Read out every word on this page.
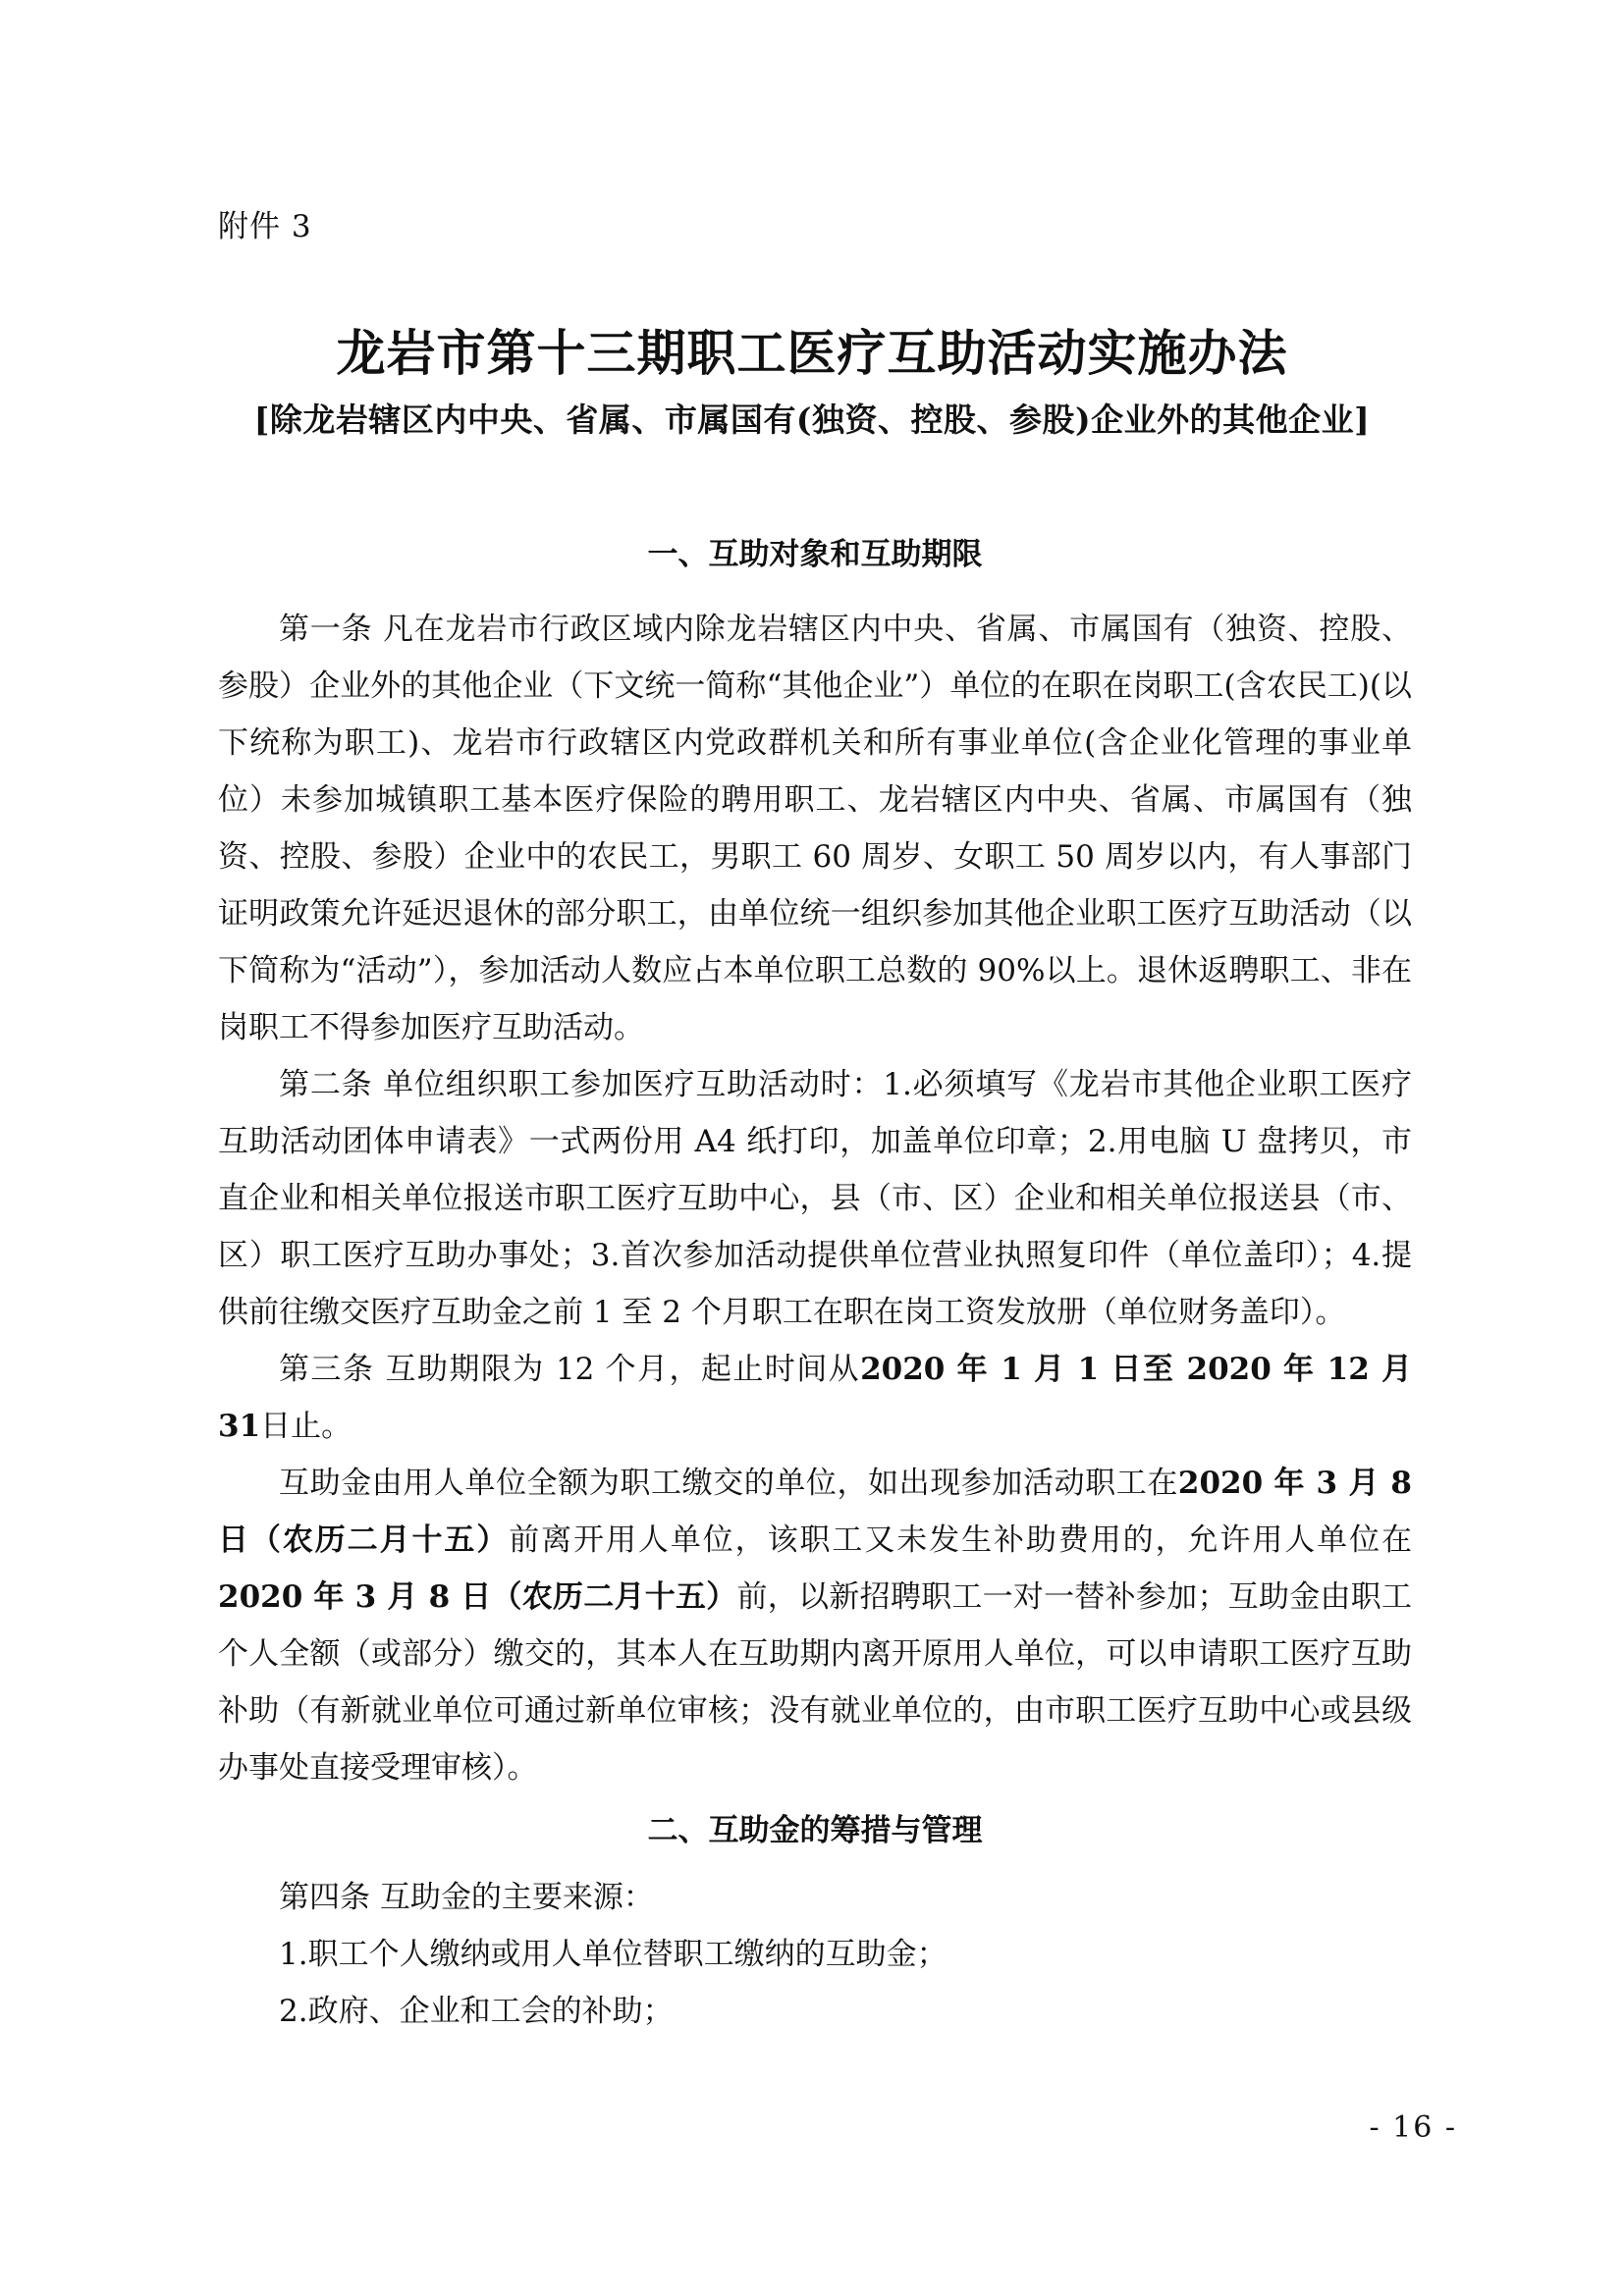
附件 3
龙岩市第十三期职工医疗互助活动实施办法
[除龙岩辖区内中央、省属、市属国有(独资、控股、参股)企业外的其他企业]
一、互助对象和互助期限

第一条 凡在龙岩市行政区域内除龙岩辖区内中央、省属、市属国有（独资、控股、参股）企业外的其他企业（下文统一简称“其他企业”）单位的在职在岗职工(含农民工)(以下统称为职工)、龙岩市行政辖区内党政群机关和所有事业单位(含企业化管理的事业单位）未参加城镇职工基本医疗保险的聘用职工、龙岩辖区内中央、省属、市属国有（独资、控股、参股）企业中的农民工，男职工 60 周岁、女职工 50 周岁以内，有人事部门证明政策允许延迟退休的部分职工，由单位统一组织参加其他企业职工医疗互助活动（以下简称为“活动”），参加活动人数应占本单位职工总数的 90%以上。退休返聘职工、非在岗职工不得参加医疗互助活动。

第二条 单位组织职工参加医疗互助活动时：1.必须填写《龙岩市其他企业职工医疗互助活动团体申请表》一式两份用 A4 纸打印，加盖单位印章；2.用电脑 U 盘拷贝，市直企业和相关单位报送市职工医疗互助中心，县（市、区）企业和相关单位报送县（市、区）职工医疗互助办事处；3.首次参加活动提供单位营业执照复印件（单位盖印）；4.提供前往缴交医疗互助金之前 1 至 2 个月职工在职在岗工资发放册（单位财务盖印）。

第三条 互助期限为 12 个月，起止时间从2020 年 1 月 1 日至 2020 年 12 月 31日止。

互助金由用人单位全额为职工缴交的单位，如出现参加活动职工在2020 年 3 月 8 日（农历二月十五）前离开用人单位，该职工又未发生补助费用的，允许用人单位在2020 年 3 月 8 日（农历二月十五）前，以新招聘职工一对一替补参加；互助金由职工个人全额（或部分）缴交的，其本人在互助期内离开原用人单位，可以申请职工医疗互助补助（有新就业单位可通过新单位审核；没有就业单位的，由市职工医疗互助中心或县级办事处直接受理审核）。

二、互助金的筹措与管理

第四条 互助金的主要来源：

1.职工个人缴纳或用人单位替职工缴纳的互助金；

2.政府、企业和工会的补助；

- 16 -
